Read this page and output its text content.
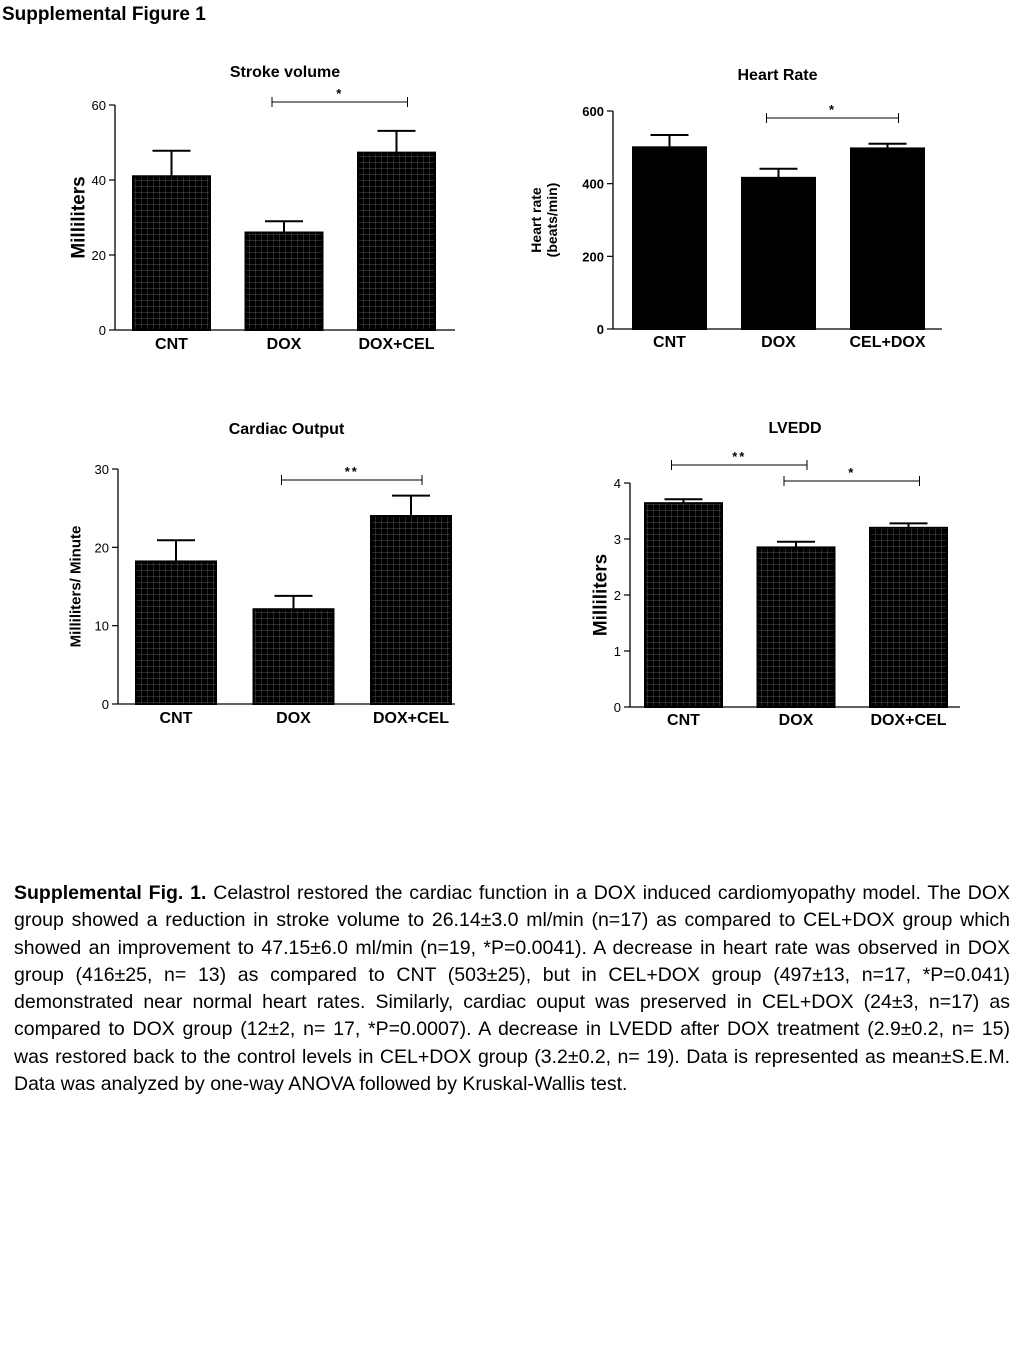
Supplemental Figure 1
Stroke volume
Milliliters
0
20
40
60
CNT	DOX	DOX+CEL
*
Heart Rate
Heart rate(beats/min)
0
200
400
600
CNT	DOX	CEL+DOX
*
Cardiac Output
Milliliters/ Minute
0
10
20
30
CNT	DOX	DOX+CEL
**
LVEDD
Milliliters
0
1
2
3
4
CNT	DOX	DOX+CEL
**
*

Supplemental Fig. 1. Celastrol restored the cardiac function in a DOX induced cardiomyopathy model. The DOX group showed a reduction in stroke volume to 26.14±3.0 ml/min (n=17) as compared to CEL+DOX group which showed an improvement to 47.15±6.0 ml/min (n=19, *P=0.0041). A decrease in heart rate was observed in DOX group (416±25, n= 13) as compared to CNT (503±25), but in CEL+DOX group (497±13, n=17, *P=0.041) demonstrated near normal heart rates. Similarly, cardiac ouput was preserved in CEL+DOX (24±3, n=17) as compared to DOX group (12±2, n= 17, *P=0.0007). A decrease in LVEDD after DOX treatment (2.9±0.2, n= 15) was restored back to the control levels in CEL+DOX group (3.2±0.2, n= 19). Data is represented as mean±S.E.M. Data was analyzed by one-way ANOVA followed by Kruskal-Wallis test.
